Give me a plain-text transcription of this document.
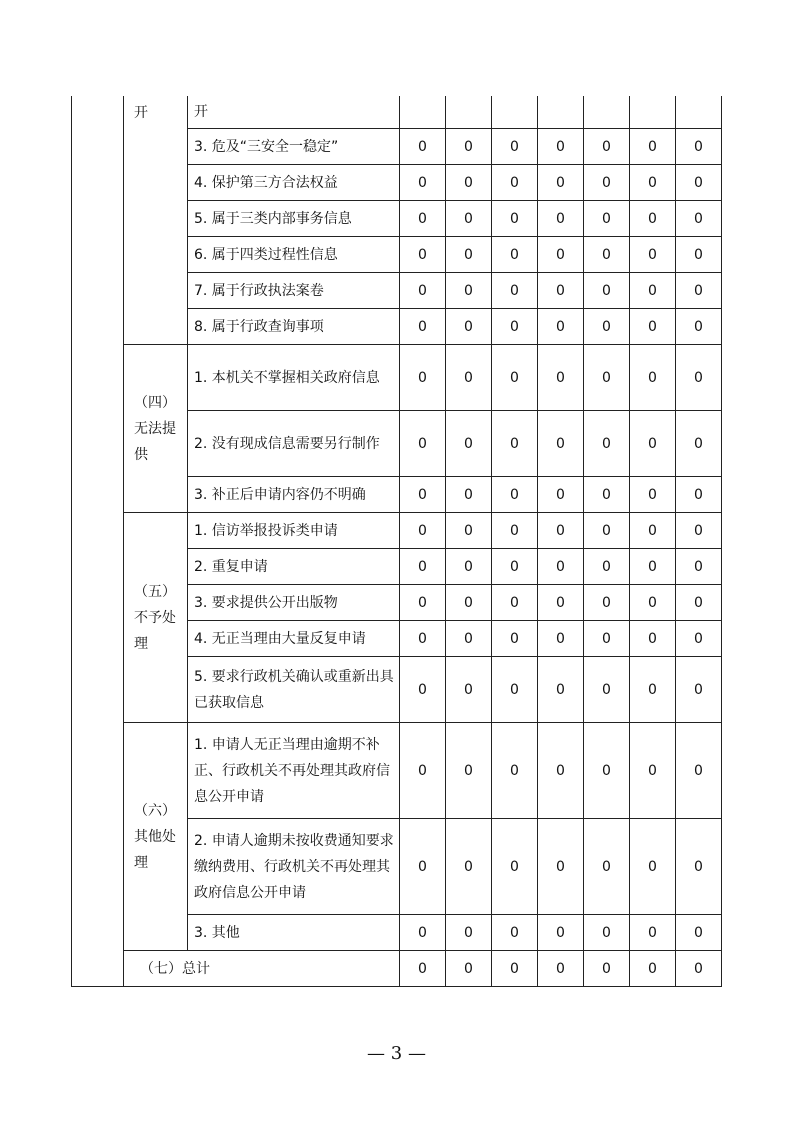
	开	开							
		3. 危及“三安全一稳定”	0	0	0	0	0	0	0
		4. 保护第三方合法权益	0	0	0	0	0	0	0
		5. 属于三类内部事务信息	0	0	0	0	0	0	0
		6. 属于四类过程性信息	0	0	0	0	0	0	0
		7. 属于行政执法案卷	0	0	0	0	0	0	0
		8. 属于行政查询事项	0	0	0	0	0	0	0
	（四）无法提供	1. 本机关不掌握相关政府信息	0	0	0	0	0	0	0
		2. 没有现成信息需要另行制作	0	0	0	0	0	0	0
		3. 补正后申请内容仍不明确	0	0	0	0	0	0	0
	（五）不予处理	1. 信访举报投诉类申请	0	0	0	0	0	0	0
		2. 重复申请	0	0	0	0	0	0	0
		3. 要求提供公开出版物	0	0	0	0	0	0	0
		4. 无正当理由大量反复申请	0	0	0	0	0	0	0
		5. 要求行政机关确认或重新出具已获取信息	0	0	0	0	0	0	0
	（六）其他处理	1. 申请人无正当理由逾期不补正、行政机关不再处理其政府信息公开申请	0	0	0	0	0	0	0
		2. 申请人逾期未按收费通知要求缴纳费用、行政机关不再处理其政府信息公开申请	0	0	0	0	0	0	0
		3. 其他	0	0	0	0	0	0	0
	（七）总计		0	0	0	0	0	0	0
— 3 —
